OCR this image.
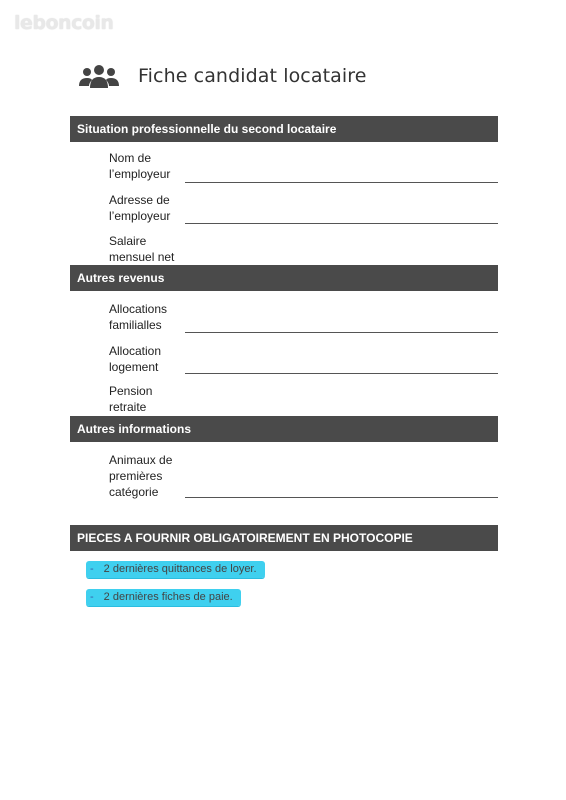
leboncoin
Fiche candidat locataire
Situation professionnelle du second locataire
Nom de
l’employeur
Adresse de
l’employeur
Salaire
mensuel net
Autres revenus
Allocations
familialles
Allocation
logement
Pension
retraite
Autres informations
Animaux de
premières
catégorie
PIECES A FOURNIR OBLIGATOIREMENT EN PHOTOCOPIE
- 2 dernières quittances de loyer.
- 2 dernières fiches de paie.
